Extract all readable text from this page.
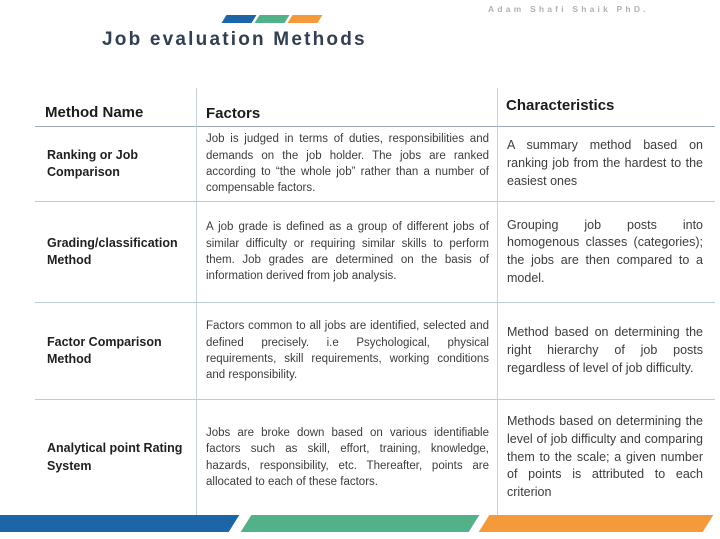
Adam Shafi Shaik PhD.
Job evaluation Methods
Method Name	Factors	Characteristics

Ranking or Job Comparison

Job is judged in terms of duties, responsibilities and demands on the job holder. The jobs are ranked according to “the whole job” rather than a number of compensable factors.

A summary method based on ranking job from the hardest to the easiest ones

Grading/classification Method

A job grade is defined as a group of different jobs of similar difficulty or requiring similar skills to perform them. Job grades are determined on the basis of information derived from job analysis.

Grouping job posts into homogenous classes (categories); the jobs are then compared to a model.

Factor Comparison Method

Factors common to all jobs are identified, selected and defined precisely. i.e Psychological, physical requirements, skill requirements, working conditions and responsibility.

Method based on determining the right hierarchy of job posts regardless of level of job difficulty.

Analytical point Rating System

Jobs are broke down based on various identifiable factors such as skill, effort, training, knowledge, hazards, responsibility, etc. Thereafter, points are allocated to each of these factors.

Methods based on determining the level of job difficulty and comparing them to the scale; a given number of points is attributed to each criterion
